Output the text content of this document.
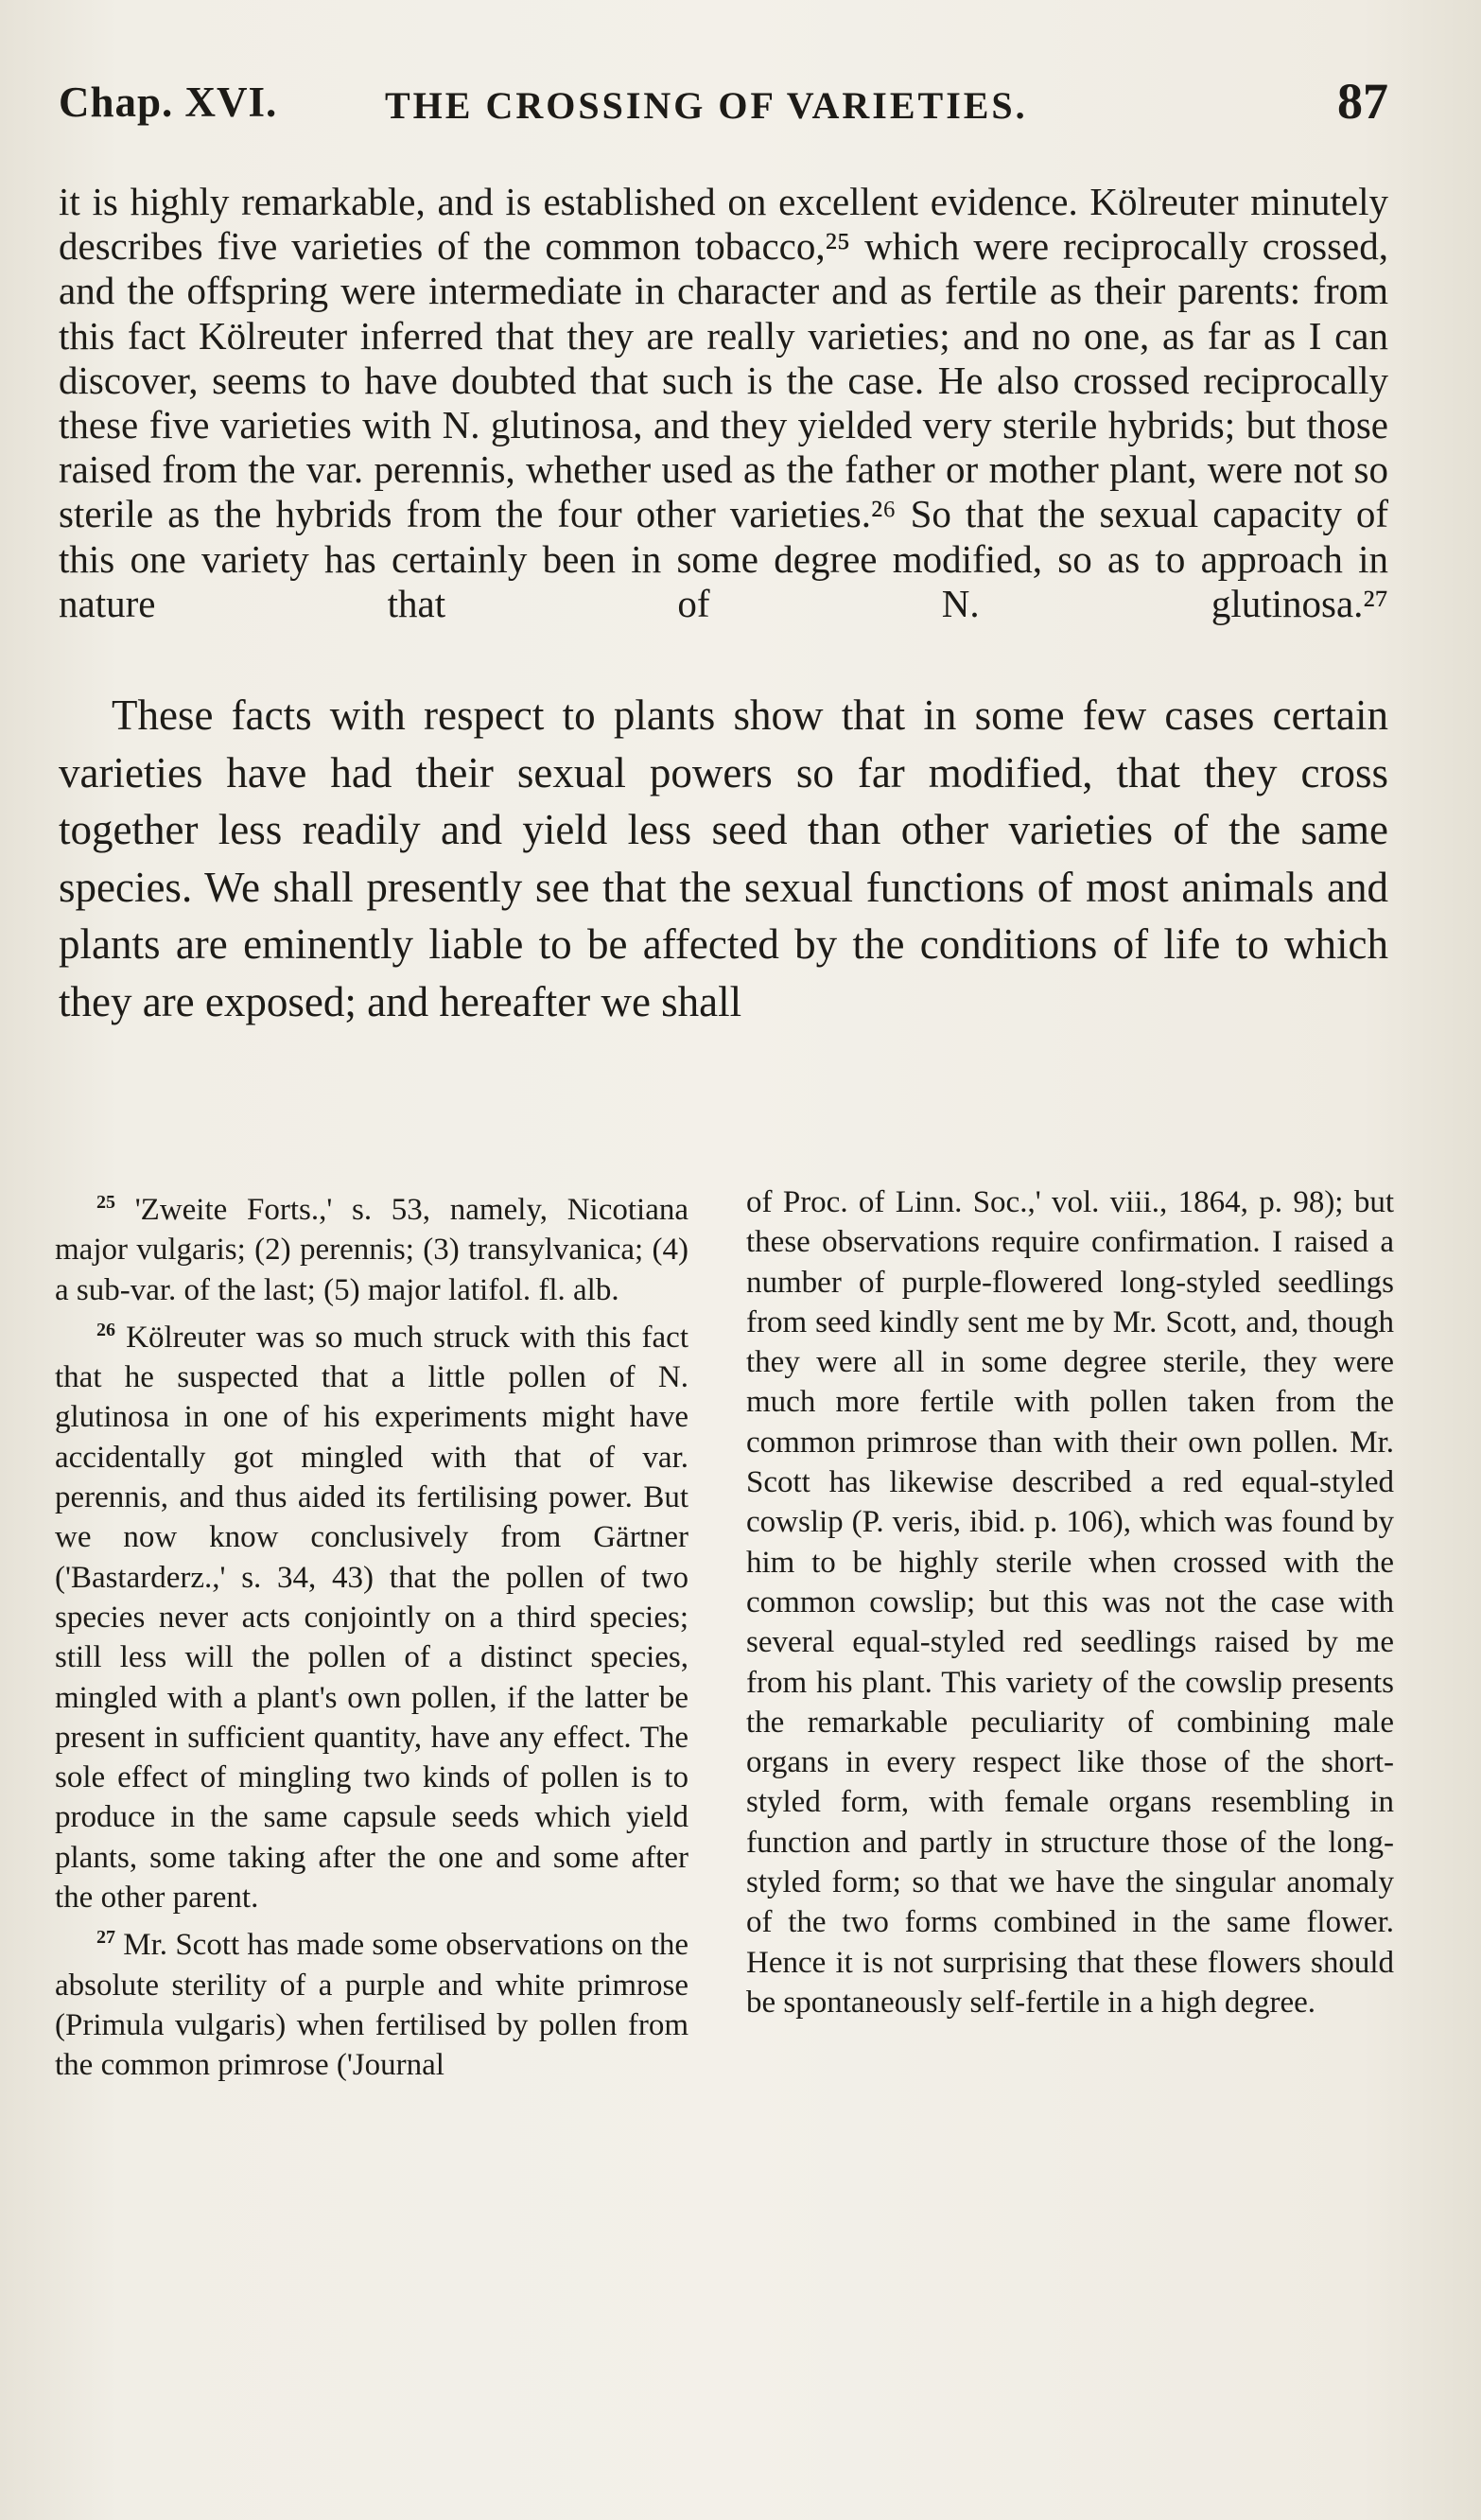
Chap. XVI.	THE CROSSING OF VARIETIES.	87

it is highly remarkable, and is established on excellent evidence. Kölreuter minutely describes five varieties of the common tobacco,²⁵ which were reciprocally crossed, and the offspring were intermediate in character and as fertile as their parents: from this fact Kölreuter inferred that they are really varieties; and no one, as far as I can discover, seems to have doubted that such is the case. He also crossed reciprocally these five varieties with N. glutinosa, and they yielded very sterile hybrids; but those raised from the var. perennis, whether used as the father or mother plant, were not so sterile as the hybrids from the four other varieties.²⁶ So that the sexual capacity of this one variety has certainly been in some degree modified, so as to approach in nature that of N. glutinosa.²⁷

These facts with respect to plants show that in some few cases certain varieties have had their sexual powers so far modified, that they cross together less readily and yield less seed than other varieties of the same species. We shall presently see that the sexual functions of most animals and plants are eminently liable to be affected by the conditions of life to which they are exposed; and hereafter we shall

$^{25}$ 'Zweite Forts.,' s. 53, namely, Nicotiana major vulgaris; (2) perennis; (3) transylvanica; (4) a sub-var. of the last; (5) major latifol. fl. alb.

$^{26}$ Kölreuter was so much struck with this fact that he suspected that a little pollen of N. glutinosa in one of his experiments might have accidentally got mingled with that of var. perennis, and thus aided its fertilising power. But we now know conclusively from Gärtner ('Bastarderz.,' s. 34, 43) that the pollen of two species never acts conjointly on a third species; still less will the pollen of a distinct species, mingled with a plant's own pollen, if the latter be present in sufficient quantity, have any effect. The sole effect of mingling two kinds of pollen is to produce in the same capsule seeds which yield plants, some taking after the one and some after the other parent.

$^{27}$ Mr. Scott has made some observations on the absolute sterility of a purple and white primrose (Primula vulgaris) when fertilised by pollen from the common primrose ('Journal

of Proc. of Linn. Soc.,' vol. viii., 1864, p. 98); but these observations require confirmation. I raised a number of purple-flowered long-styled seedlings from seed kindly sent me by Mr. Scott, and, though they were all in some degree sterile, they were much more fertile with pollen taken from the common primrose than with their own pollen. Mr. Scott has likewise described a red equal-styled cowslip (P. veris, ibid. p. 106), which was found by him to be highly sterile when crossed with the common cowslip; but this was not the case with several equal-styled red seedlings raised by me from his plant. This variety of the cowslip presents the remarkable peculiarity of combining male organs in every respect like those of the short-styled form, with female organs resembling in function and partly in structure those of the long-styled form; so that we have the singular anomaly of the two forms combined in the same flower. Hence it is not surprising that these flowers should be spontaneously self-fertile in a high degree.
